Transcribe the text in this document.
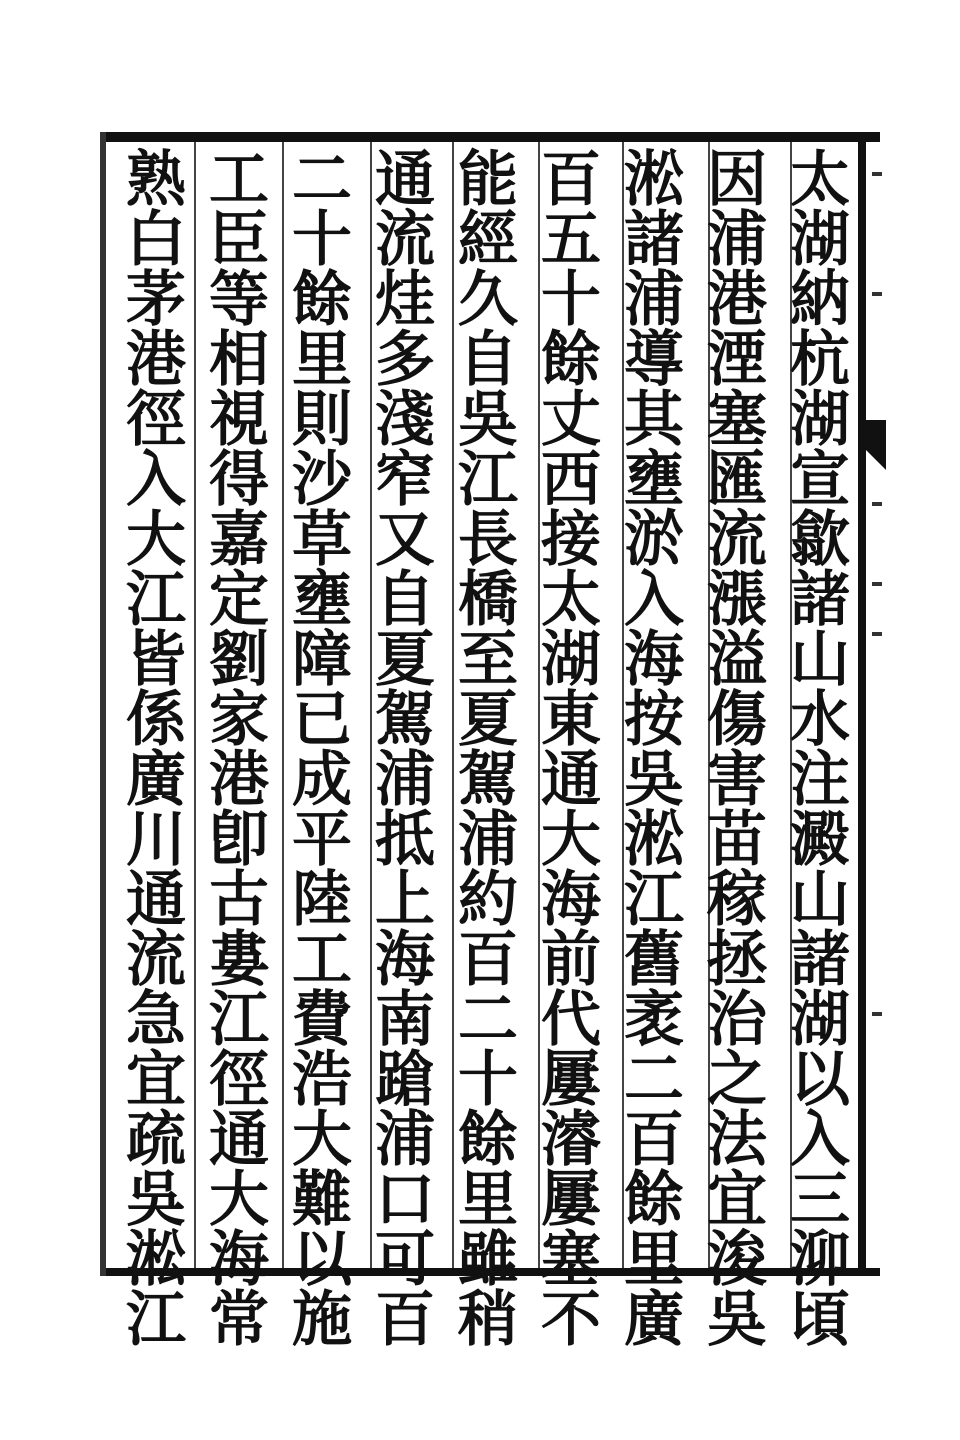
太
湖
納
杭
湖
宣
歙
諸
山
水
注
澱
山
諸
湖
以
入
三
泖
頃
因
浦
港
湮
塞
匯
流
漲
溢
傷
害
苗
稼
拯
治
之
法
宜
浚
吳
淞
諸
浦
導
其
壅
淤
入
海
按
吳
淞
江
舊
袤
二
百
餘
里
廣
百
五
十
餘
丈
西
接
太
湖
東
通
大
海
前
代
屢
濬
屢
塞
不
能
經
久
自
吳
江
長
橋
至
夏
駕
浦
約
百
二
十
餘
里
雖
稍
通
流
烓
多
淺
窄
又
自
夏
駕
浦
抵
上
海
南
蹌
浦
口
可
百
二
十
餘
里
則
沙
草
壅
障
已
成
平
陸
工
費
浩
大
難
以
施
工
臣
等
相
視
得
嘉
定
劉
家
港
卽
古
婁
江
徑
通
大
海
常
熟
白
茅
港
徑
入
大
江
皆
係
廣
川
通
流
急
宜
疏
吳
淞
江
